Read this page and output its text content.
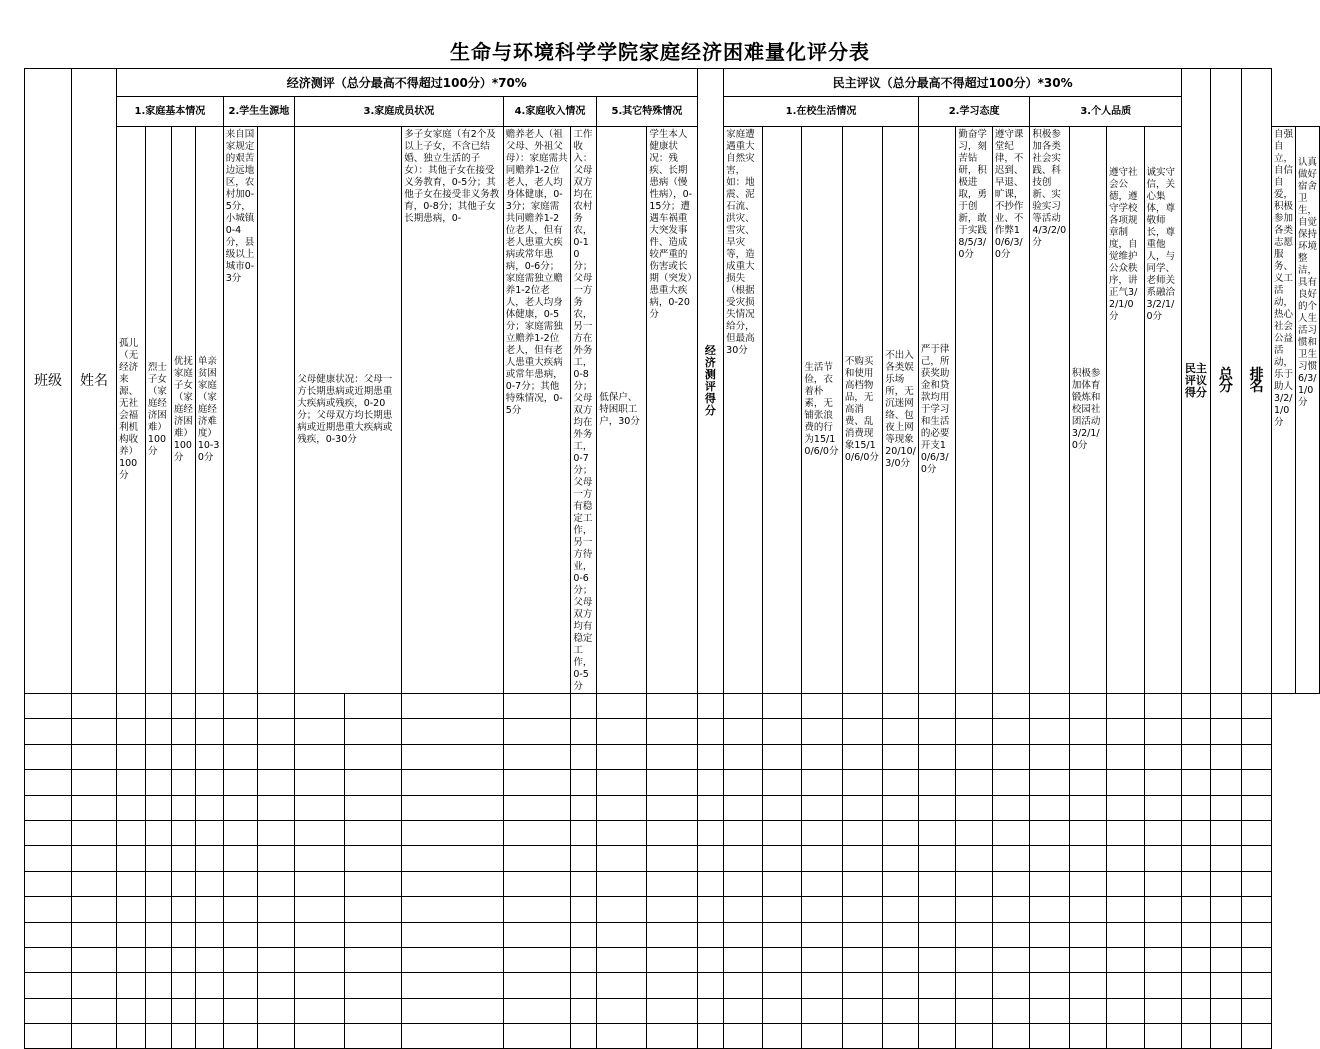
生命与环境科学学院家庭经济困难量化评分表
班级	姓名	经济测评（总分最高不得超过100分）*70%													经济测评得分	民主评议（总分最高不得超过100分）*30%												民主评议得分	总分	排名		
		1.家庭基本情况				2.学生生源地		3.家庭成员状况			4.家庭收入情况		5.其它特殊情况			1.在校生活情况					2.学习态度			3.个人品质								
		孤儿（无经济来源、无社会福利机构收养）100分	烈士子女（家庭经济困难）100分	优抚家庭子女（家庭经济困难）100分	单亲贫困家庭（家庭经济难度）10-30分	来自国家规定的艰苦边远地区，农村加0-5分，小城镇0-4分，县级以上城市0-3分		父母健康状况：父母一方长期患病或近期患重大疾病或残疾，0-20分；父母双方均长期患病或近期患重大疾病或残疾，0-30分		多子女家庭（有2个及以上子女，不含已结婚、独立生活的子女）：其他子女在接受义务教育，0-5分；其他子女在接受非义务教育，0-8分；其他子女长期患病，0-	赡养老人（祖父母、外祖父母）：家庭需共同赡养1-2位老人，老人均身体健康，0-3分；家庭需共同赡养1-2位老人，但有老人患重大疾病或常年患病，0-6分；家庭需独立赡养1-2位老人，老人均身体健康，0-5分；家庭需独立赡养1-2位老人，但有老人患重大疾病或常年患病，0-7分；其他特殊情况，0-5分	工作收入：父母双方均在农村务农，0-10分；父母一方务农，另一方在外务工，0-8分；父母双方均在外务工，0-7分；父母一方有稳定工作，另一方待业，0-6分；父母双方均有稳定工作，0-5分	低保户、特困职工户，30分	学生本人健康状况：残疾、长期患病（慢性病），0-15分；遭遇车祸重大突发事件、造成较严重的伤害或长期（突发）患重大疾病，0-20分		家庭遭遇重大自然灾害，如：地震、泥石流、洪灾、雪灾、旱灾等，造成重大损失（根据受灾损失情况给分，但最高30分		生活节俭，衣着朴素，无铺张浪费的行为15/10/6/0分	不购买和使用高档物品，无高消费、乱消费现象15/10/6/0分	不出入各类娱乐场所，无沉迷网络、包夜上网等现象20/10/3/0分	严于律己，所获奖助金和贷款均用于学习和生活的必要开支10/6/3/0分	勤奋学习，刻苦钻研，积极进取，勇于创新，敢于实践8/5/3/0分	遵守课堂纪律，不迟到、早退、旷课，不抄作业、不作弊10/6/3/0分	积极参加各类社会实践、科技创新、实验实习等活动4/3/2/0分	积极参加体育锻炼和校园社团活动3/2/1/0分	遵守社会公德，遵守学校各项规章制度，自觉维护公众秩序，讲正气3/2/1/0分	诚实守信，关心集体，尊敬师长，尊重他人，与同学、老师关系融洽3/2/1/0分				自强自立，自信自爱，积极参加各类志愿服务、义工活动，热心社会公益活动，乐于助人3/2/1/0分	认真做好宿舍卫生，自觉保持环境整洁，具有良好的个人生活习惯和卫生习惯6/3/1/0分
